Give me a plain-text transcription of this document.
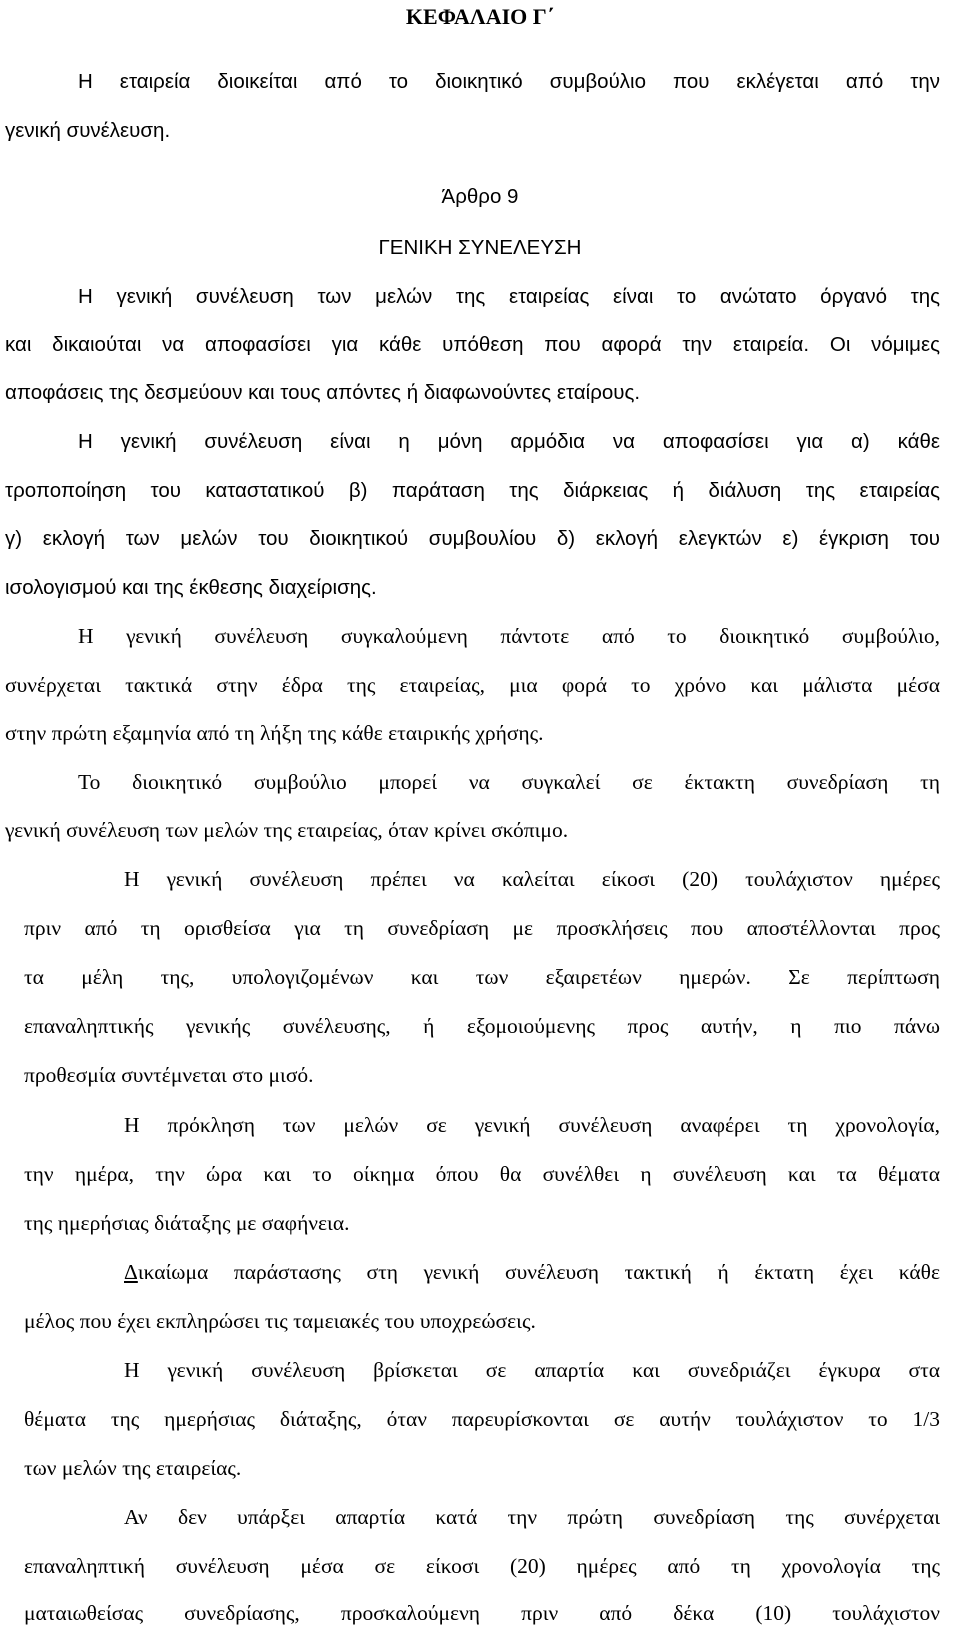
ΚΕΦΑΛΑΙΟ Γ΄
Η εταιρεία διοικείται από το διοικητικό συμβούλιο που εκλέγεται από την
γενική συνέλευση.
Άρθρο 9
ΓΕΝΙΚΗ ΣΥΝΕΛΕΥΣΗ
Η γενική συνέλευση των μελών της εταιρείας είναι το ανώτατο όργανό της
και δικαιούται να αποφασίσει για κάθε υπόθεση που αφορά την εταιρεία. Οι νόμιμες
αποφάσεις της δεσμεύουν και τους απόντες ή διαφωνούντες εταίρους.
Η γενική συνέλευση είναι η μόνη αρμόδια να αποφασίσει για α) κάθε
τροποποίηση του καταστατικού β) παράταση της διάρκειας ή διάλυση της εταιρείας
γ) εκλογή των μελών του διοικητικού συμβουλίου δ) εκλογή ελεγκτών ε) έγκριση του
ισολογισμού και της έκθεσης διαχείρισης.
Η γενική συνέλευση συγκαλούμενη πάντοτε από το διοικητικό συμβούλιο,
συνέρχεται τακτικά στην έδρα της εταιρείας, μια φορά το χρόνο και μάλιστα μέσα
στην πρώτη εξαμηνία από τη λήξη της κάθε εταιρικής χρήσης.
Το διοικητικό συμβούλιο μπορεί να συγκαλεί σε έκτακτη συνεδρίαση τη
γενική συνέλευση των μελών της εταιρείας, όταν κρίνει σκόπιμο.
Η γενική συνέλευση πρέπει να καλείται είκοσι (20) τουλάχιστον ημέρες
πριν από τη ορισθείσα για τη συνεδρίαση με προσκλήσεις που αποστέλλονται προς
τα μέλη της, υπολογιζομένων και των εξαιρετέων ημερών. Σε περίπτωση
επαναληπτικής γενικής συνέλευσης, ή εξομοιούμενης προς αυτήν, η πιο πάνω
προθεσμία συντέμνεται στο μισό.
Η πρόκληση των μελών σε γενική συνέλευση αναφέρει τη χρονολογία,
την ημέρα, την ώρα και το οίκημα όπου θα συνέλθει η συνέλευση και τα θέματα
της ημερήσιας διάταξης με σαφήνεια.
Δικαίωμα παράστασης στη γενική συνέλευση τακτική ή έκτατη έχει κάθε
μέλος που έχει εκπληρώσει τις ταμειακές του υποχρεώσεις.
Η γενική συνέλευση βρίσκεται σε απαρτία και συνεδριάζει έγκυρα στα
θέματα της ημερήσιας διάταξης, όταν παρευρίσκονται σε αυτήν τουλάχιστον το 1/3
των μελών της εταιρείας.
Αν δεν υπάρξει απαρτία κατά την πρώτη συνεδρίαση της συνέρχεται
επαναληπτική συνέλευση μέσα σε είκοσι (20) ημέρες από τη χρονολογία της
ματαιωθείσας συνεδρίασης, προσκαλούμενη πριν από δέκα (10) τουλάχιστον
